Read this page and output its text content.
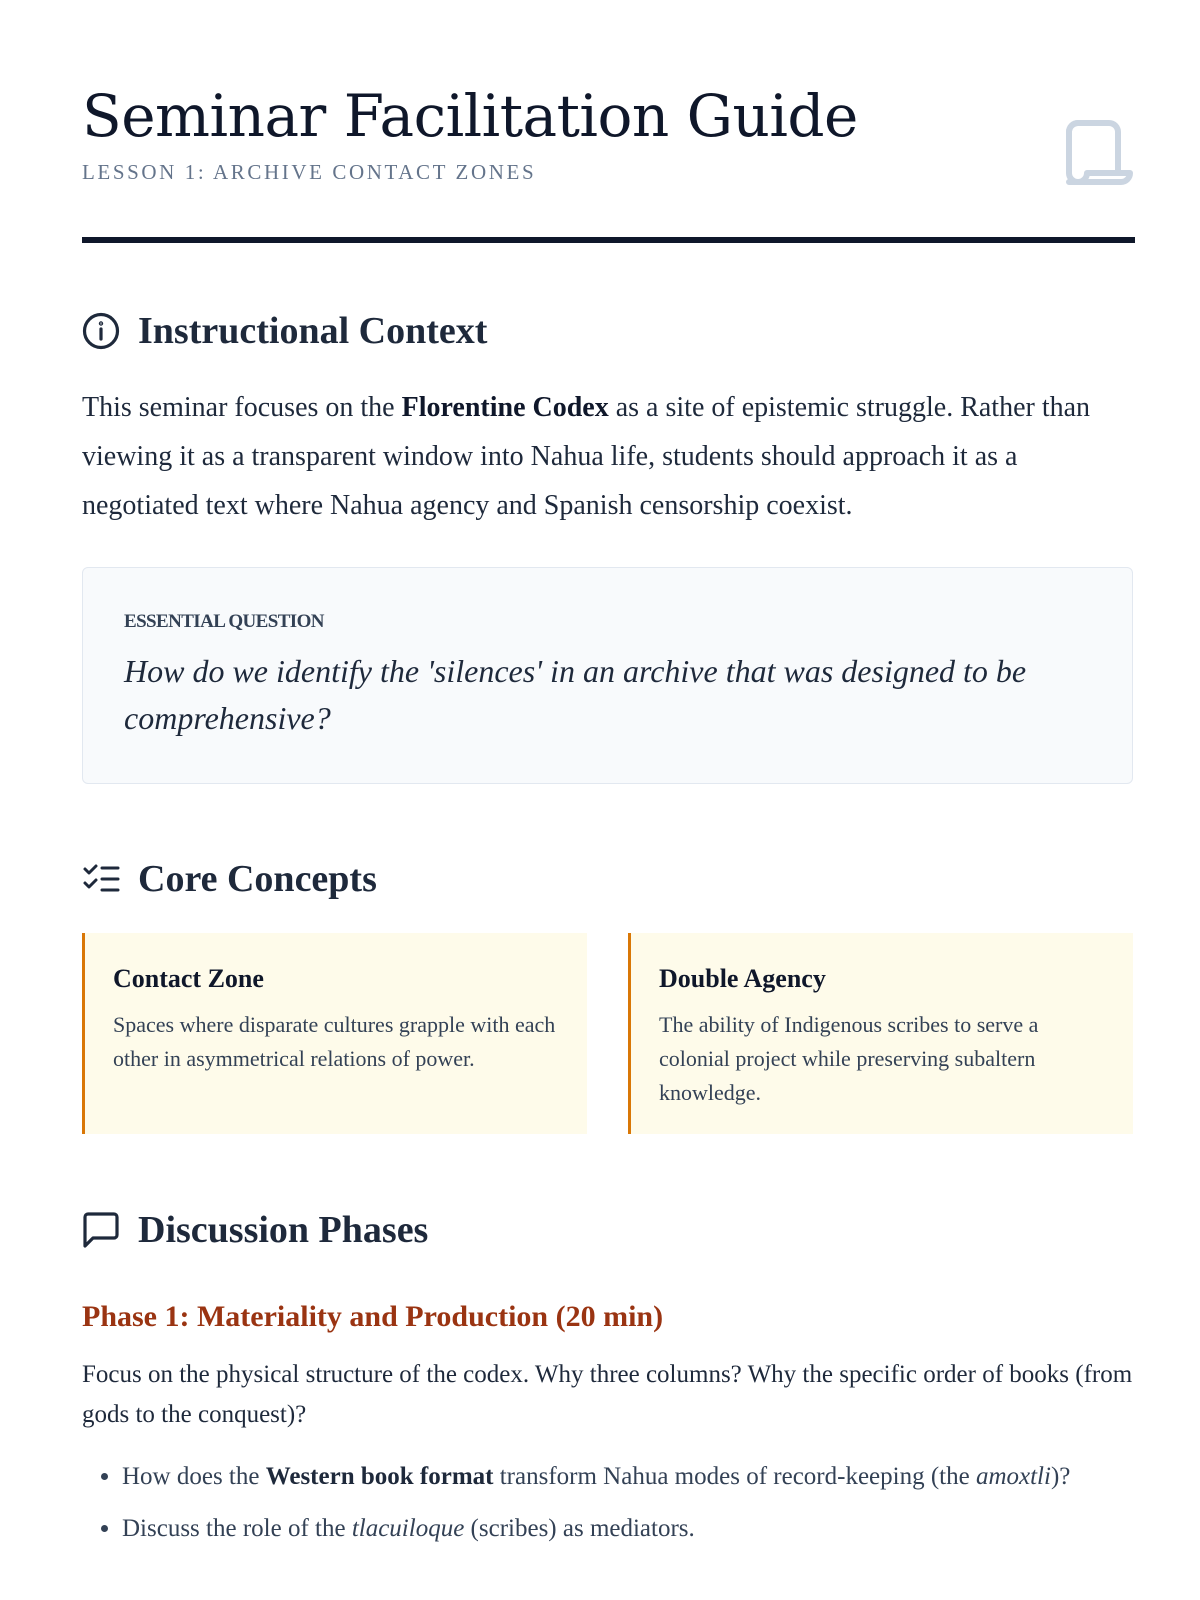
Seminar Facilitation Guide
LESSON 1: ARCHIVE CONTACT ZONES
Instructional Context
This seminar focuses on the Florentine Codex as a site of epistemic struggle. Rather than viewing it as a transparent window into Nahua life, students should approach it as a negotiated text where Nahua agency and Spanish censorship coexist.
ESSENTIAL QUESTION
How do we identify the 'silences' in an archive that was designed to be comprehensive?
Core Concepts
Contact Zone
Spaces where disparate cultures grapple with each other in asymmetrical relations of power.
Double Agency
The ability of Indigenous scribes to serve a colonial project while preserving subaltern knowledge.
Discussion Phases
Phase 1: Materiality and Production (20 min)
Focus on the physical structure of the codex. Why three columns? Why the specific order of books (from gods to the conquest)?
• How does the Western book format transform Nahua modes of record-keeping (the amoxtli)?
• Discuss the role of the tlacuiloque (scribes) as mediators.
